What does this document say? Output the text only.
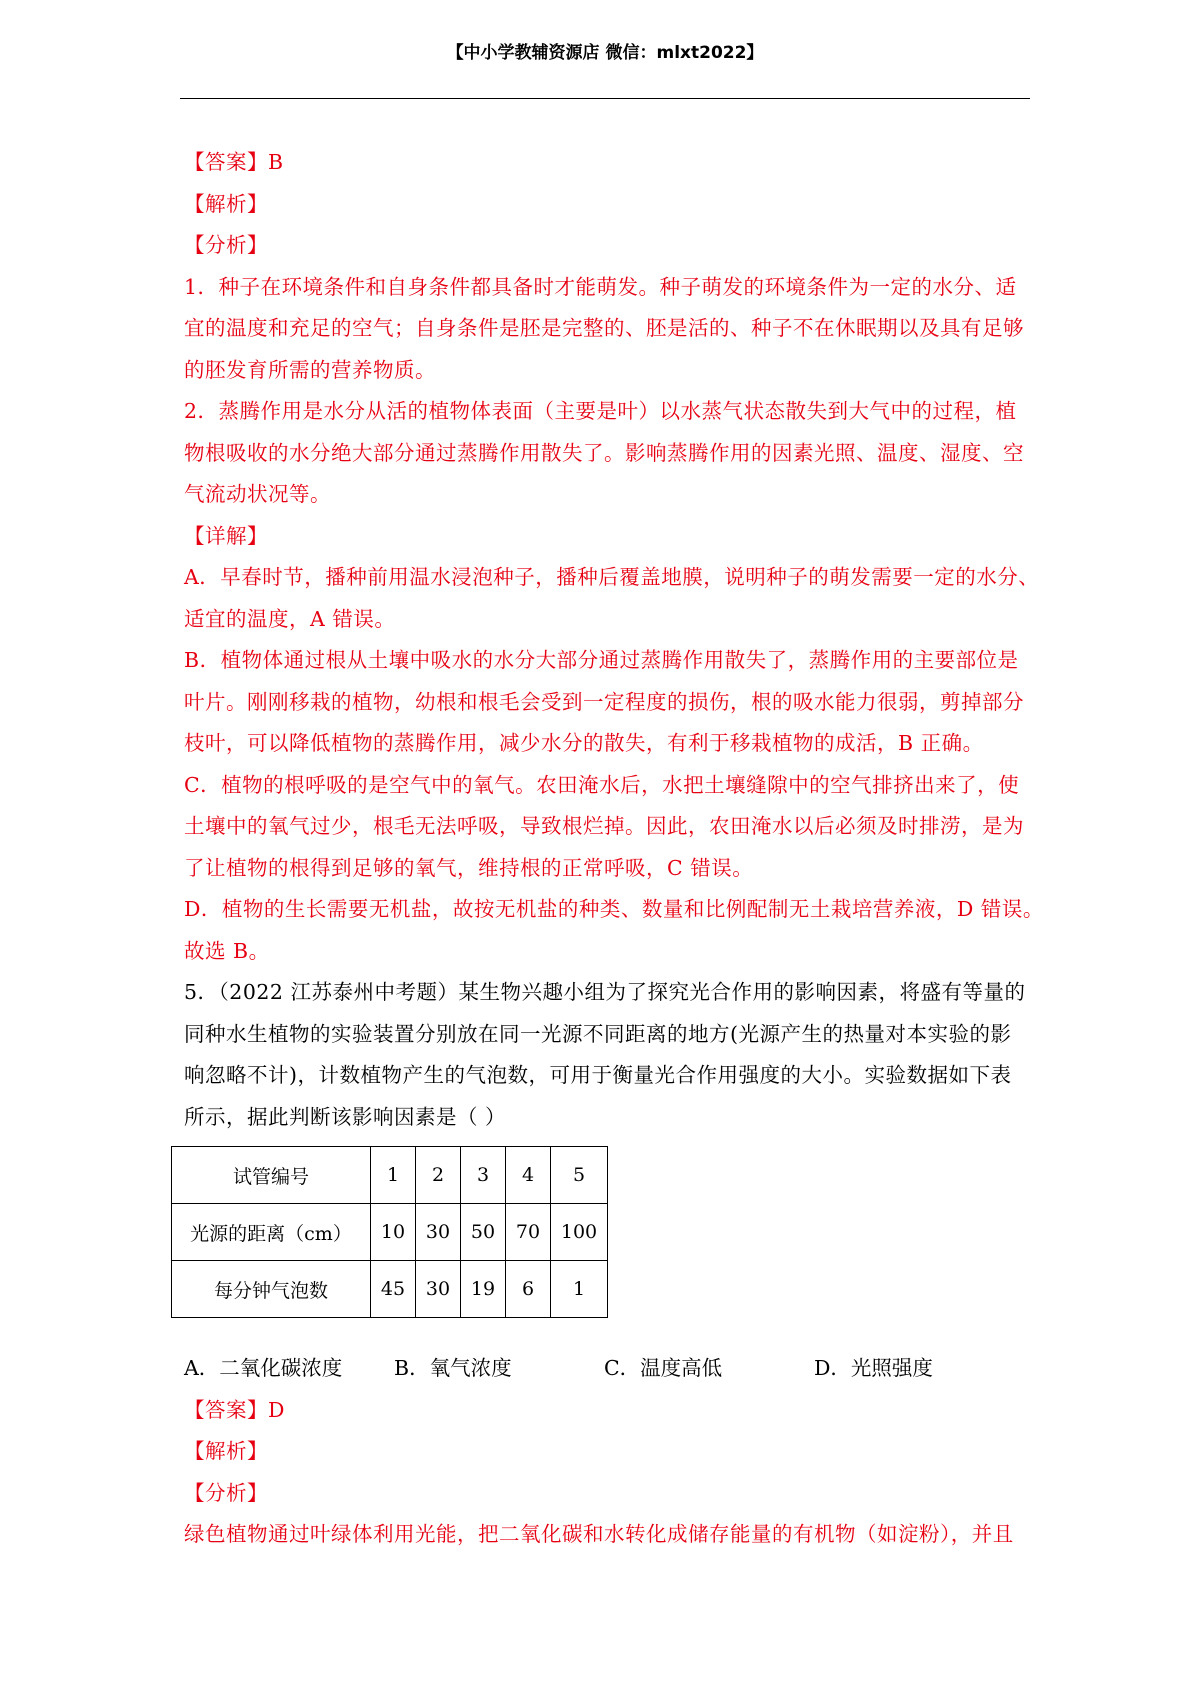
【中小学教辅资源店 微信：mlxt2022】
【答案】B
【解析】
【分析】
1．种子在环境条件和自身条件都具备时才能萌发。种子萌发的环境条件为一定的水分、适
宜的温度和充足的空气；自身条件是胚是完整的、胚是活的、种子不在休眠期以及具有足够
的胚发育所需的营养物质。
2．蒸腾作用是水分从活的植物体表面（主要是叶）以水蒸气状态散失到大气中的过程，植
物根吸收的水分绝大部分通过蒸腾作用散失了。影响蒸腾作用的因素光照、温度、湿度、空
气流动状况等。
【详解】
A．早春时节，播种前用温水浸泡种子，播种后覆盖地膜，说明种子的萌发需要一定的水分、
适宜的温度，A 错误。
B．植物体通过根从土壤中吸水的水分大部分通过蒸腾作用散失了，蒸腾作用的主要部位是
叶片。刚刚移栽的植物，幼根和根毛会受到一定程度的损伤，根的吸水能力很弱，剪掉部分
枝叶，可以降低植物的蒸腾作用，减少水分的散失，有利于移栽植物的成活，B 正确。
C．植物的根呼吸的是空气中的氧气。农田淹水后，水把土壤缝隙中的空气排挤出来了，使
土壤中的氧气过少，根毛无法呼吸，导致根烂掉。因此，农田淹水以后必须及时排涝，是为
了让植物的根得到足够的氧气，维持根的正常呼吸，C 错误。
D．植物的生长需要无机盐，故按无机盐的种类、数量和比例配制无土栽培营养液，D 错误。
故选 B。
5．（2022 江苏泰州中考题）某生物兴趣小组为了探究光合作用的影响因素，将盛有等量的
同种水生植物的实验装置分别放在同一光源不同距离的地方(光源产生的热量对本实验的影
响忽略不计)，计数植物产生的气泡数，可用于衡量光合作用强度的大小。实验数据如下表
所示，据此判断该影响因素是（ ）
试管编号	1	2	3	4	5
光源的距离（cm）	10	30	50	70	100
每分钟气泡数	45	30	19	6	1
A．二氧化碳浓度	B．氧气浓度	C．温度高低	D．光照强度
【答案】D
【解析】
【分析】
绿色植物通过叶绿体利用光能，把二氧化碳和水转化成储存能量的有机物（如淀粉），并且
